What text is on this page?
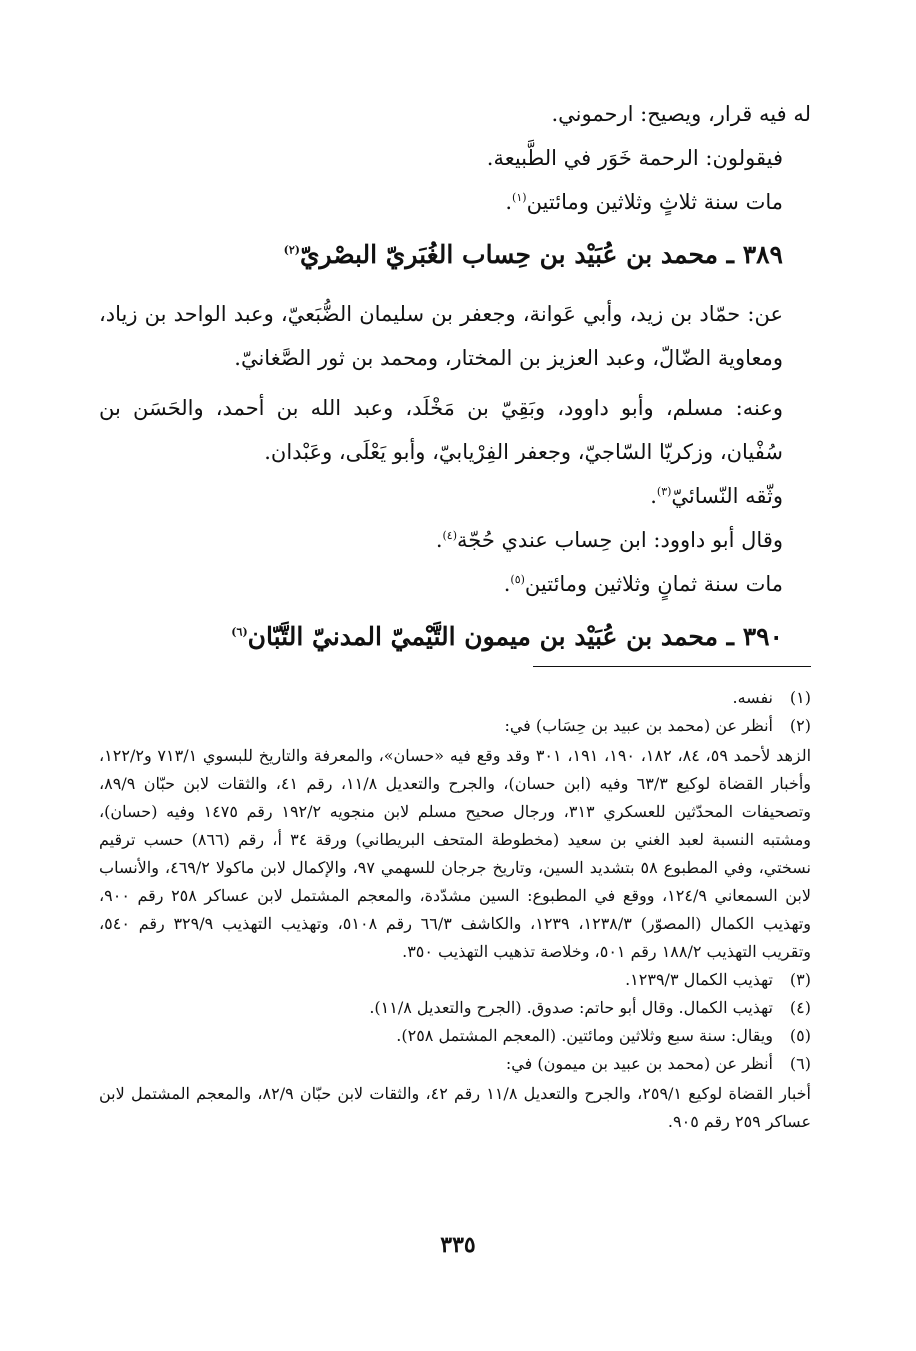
له فيه قرار، ويصيح: ارحموني.
فيقولون: الرحمة خَوَر في الطَّبيعة.
مات سنة ثلاثٍ وثلاثين ومائتين$^{(١)}$.
٣٨٩ ـ محمد بن عُبَيْد بن حِساب الغُبَريّ البصْريّ$^{(٢)}$
عن: حمّاد بن زيد، وأبي عَوانة، وجعفر بن سليمان الضُّبَعيّ، وعبد الواحد بن زياد، ومعاوية الضّالّ، وعبد العزيز بن المختار، ومحمد بن ثور الصَّغانيّ.
وعنه: مسلم، وأبو داوود، وبَقِيّ بن مَخْلَد، وعبد الله بن أحمد، والحَسَن بن سُفْيان، وزكريّا السّاجيّ، وجعفر الفِرْيابيّ، وأبو يَعْلَى، وعَبْدان.
وثّقه النّسائيّ$^{(٣)}$.
وقال أبو داوود: ابن حِساب عندي حُجّة$^{(٤)}$.
مات سنة ثمانٍ وثلاثين ومائتين$^{(٥)}$.
٣٩٠ ـ محمد بن عُبَيْد بن ميمون التَّيْميّ المدنيّ التَّبّان$^{(٦)}$
(١)
نفسه.
(٢)
أنظر عن (محمد بن عبيد بن حِسَاب) في:
الزهد لأحمد ٥٩، ٨٤، ١٨٢، ١٩٠، ١٩١، ٣٠١ وقد وقع فيه «حسان»، والمعرفة والتاريخ للبسوي ٧١٣/١ و١٢٢/٢، وأخبار القضاة لوكيع ٦٣/٣ وفيه (ابن حسان)، والجرح والتعديل ١١/٨، رقم ٤١، والثقات لابن حبّان ٨٩/٩، وتصحيفات المحدّثين للعسكري ٣١٣، ورجال صحيح مسلم لابن منجويه ١٩٢/٢ رقم ١٤٧٥ وفيه (حسان)، ومشتبه النسبة لعبد الغني بن سعيد (مخطوطة المتحف البريطاني) ورقة ٣٤ أ، رقم (٨٦٦) حسب ترقيم نسختي، وفي المطبوع ٥٨ بتشديد السين، وتاريخ جرجان للسهمي ٩٧، والإكمال لابن ماكولا ٤٦٩/٢، والأنساب لابن السمعاني ١٢٤/٩، ووقع في المطبوع: السين مشدّدة، والمعجم المشتمل لابن عساكر ٢٥٨ رقم ٩٠٠، وتهذيب الكمال (المصوّر) ١٢٣٨/٣، ١٢٣٩، والكاشف ٦٦/٣ رقم ٥١٠٨، وتهذيب التهذيب ٣٢٩/٩ رقم ٥٤٠، وتقريب التهذيب ١٨٨/٢ رقم ٥٠١، وخلاصة تذهيب التهذيب ٣٥٠.
(٣)
تهذيب الكمال ١٢٣٩/٣.
(٤)
تهذيب الكمال. وقال أبو حاتم: صدوق. (الجرح والتعديل ١١/٨).
(٥)
ويقال: سنة سبع وثلاثين ومائتين. (المعجم المشتمل ٢٥٨).
(٦)
أنظر عن (محمد بن عبيد بن ميمون) في:
أخبار القضاة لوكيع ٢٥٩/١، والجرح والتعديل ١١/٨ رقم ٤٢، والثقات لابن حبّان ٨٢/٩، والمعجم المشتمل لابن عساكر ٢٥٩ رقم ٩٠٥.
٣٣٥
